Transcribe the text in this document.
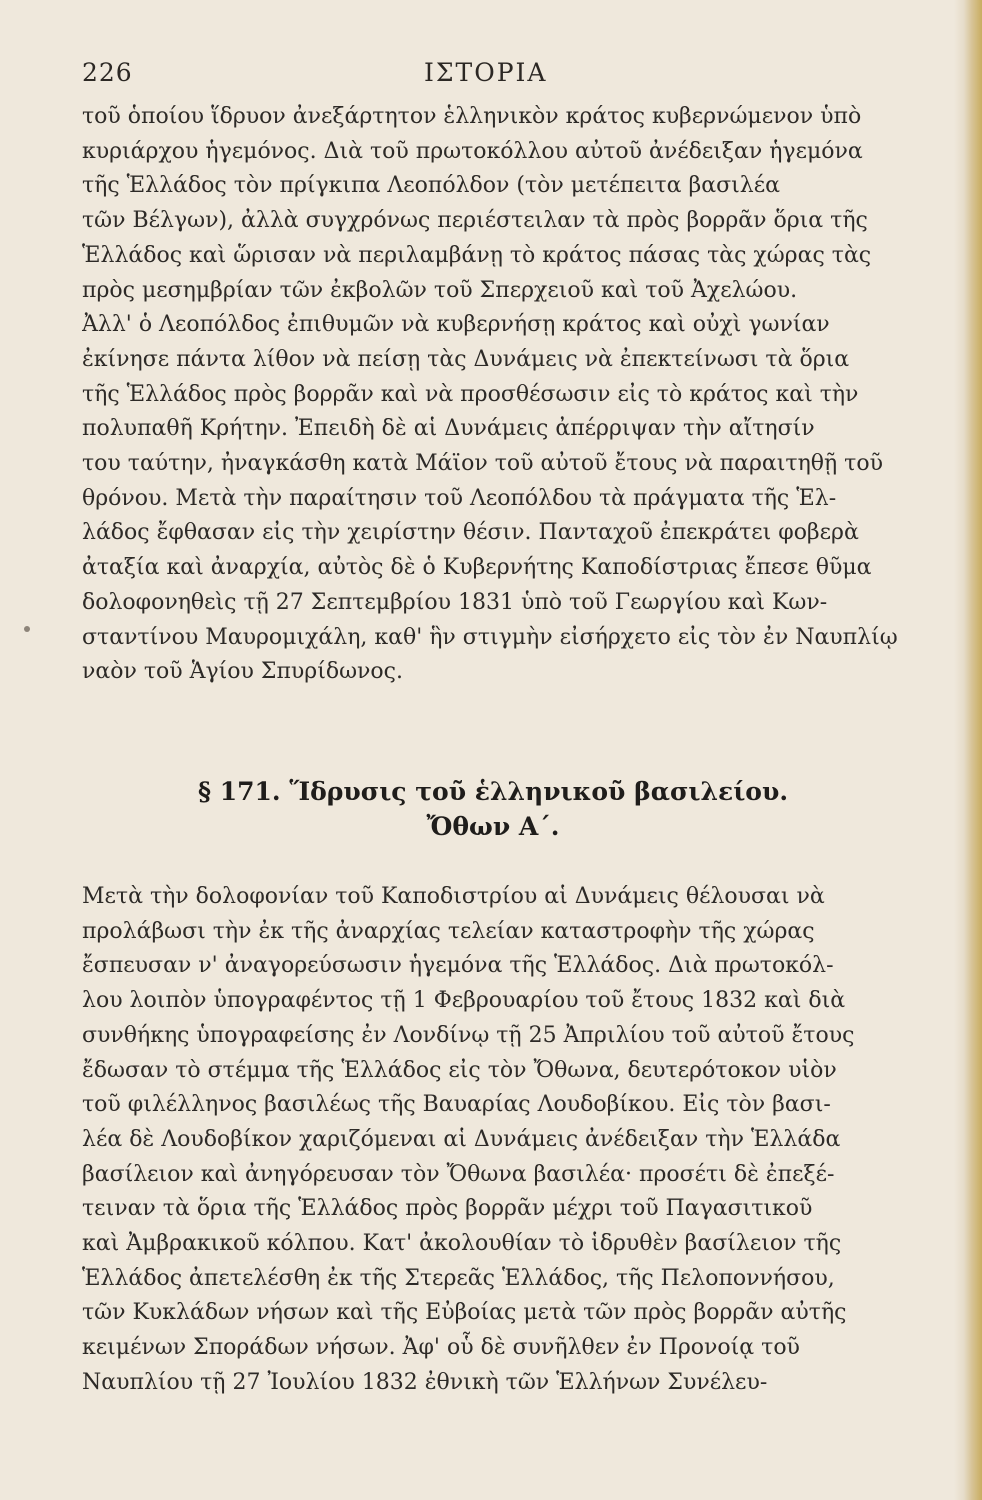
226	ΙΣΤΟΡΙΑ
τοῦ ὁποίου ἵδρυον ἀνεξάρτητον ἑλληνικὸν κράτος κυβερνώμενον ὑπὸ
κυριάρχου ἡγεμόνος. Διὰ τοῦ πρωτοκόλλου αὐτοῦ ἀνέδειξαν ἡγεμόνα
τῆς Ἑλλάδος τὸν πρίγκιπα Λεοπόλδον (τὸν μετέπειτα βασιλέα
τῶν Βέλγων), ἀλλὰ συγχρόνως περιέστειλαν τὰ πρὸς βορρᾶν ὅρια τῆς
Ἑλλάδος καὶ ὥρισαν νὰ περιλαμβάνῃ τὸ κράτος πάσας τὰς χώρας τὰς
πρὸς μεσημβρίαν τῶν ἐκβολῶν τοῦ Σπερχειοῦ καὶ τοῦ Ἀχελώου.
Ἀλλ' ὁ Λεοπόλδος ἐπιθυμῶν νὰ κυβερνήσῃ κράτος καὶ οὐχὶ γωνίαν
ἐκίνησε πάντα λίθον νὰ πείσῃ τὰς Δυνάμεις νὰ ἐπεκτείνωσι τὰ ὅρια
τῆς Ἑλλάδος πρὸς βορρᾶν καὶ νὰ προσθέσωσιν εἰς τὸ κράτος καὶ τὴν
πολυπαθῆ Κρήτην. Ἐπειδὴ δὲ αἱ Δυνάμεις ἀπέρριψαν τὴν αἴτησίν
του ταύτην, ἠναγκάσθη κατὰ Μάϊον τοῦ αὐτοῦ ἔτους νὰ παραιτηθῇ τοῦ
θρόνου. Μετὰ τὴν παραίτησιν τοῦ Λεοπόλδου τὰ πράγματα τῆς Ἑλ-
λάδος ἔφθασαν εἰς τὴν χειρίστην θέσιν. Πανταχοῦ ἐπεκράτει φοβερὰ
ἀταξία καὶ ἀναρχία, αὐτὸς δὲ ὁ Κυβερνήτης Καποδίστριας ἔπεσε θῦμα
δολοφονηθεὶς τῇ 27 Σεπτεμβρίου 1831 ὑπὸ τοῦ Γεωργίου καὶ Κων-
σταντίνου Μαυρομιχάλη, καθ' ἣν στιγμὴν εἰσήρχετο εἰς τὸν ἐν Ναυπλίῳ
ναὸν τοῦ Ἁγίου Σπυρίδωνος.
§ 171. Ἵδρυσις τοῦ ἑλληνικοῦ βασιλείου.
Ὄθων Α΄.
Μετὰ τὴν δολοφονίαν τοῦ Καποδιστρίου αἱ Δυνάμεις θέλουσαι νὰ
προλάβωσι τὴν ἐκ τῆς ἀναρχίας τελείαν καταστροφὴν τῆς χώρας
ἔσπευσαν ν' ἀναγορεύσωσιν ἡγεμόνα τῆς Ἑλλάδος. Διὰ πρωτοκόλ-
λου λοιπὸν ὑπογραφέντος τῇ 1 Φεβρουαρίου τοῦ ἔτους 1832 καὶ διὰ
συνθήκης ὑπογραφείσης ἐν Λονδίνῳ τῇ 25 Ἀπριλίου τοῦ αὐτοῦ ἔτους
ἔδωσαν τὸ στέμμα τῆς Ἑλλάδος εἰς τὸν Ὄθωνα, δευτερότοκον υἱὸν
τοῦ φιλέλληνος βασιλέως τῆς Βαυαρίας Λουδοβίκου. Εἰς τὸν βασι-
λέα δὲ Λουδοβίκον χαριζόμεναι αἱ Δυνάμεις ἀνέδειξαν τὴν Ἑλλάδα
βασίλειον καὶ ἀνηγόρευσαν τὸν Ὄθωνα βασιλέα· προσέτι δὲ ἐπεξέ-
τειναν τὰ ὅρια τῆς Ἑλλάδος πρὸς βορρᾶν μέχρι τοῦ Παγασιτικοῦ
καὶ Ἀμβρακικοῦ κόλπου. Κατ' ἀκολουθίαν τὸ ἱδρυθὲν βασίλειον τῆς
Ἑλλάδος ἀπετελέσθη ἐκ τῆς Στερεᾶς Ἑλλάδος, τῆς Πελοποννήσου,
τῶν Κυκλάδων νήσων καὶ τῆς Εὐβοίας μετὰ τῶν πρὸς βορρᾶν αὐτῆς
κειμένων Σποράδων νήσων. Ἀφ' οὗ δὲ συνῆλθεν ἐν Προνοίᾳ τοῦ
Ναυπλίου τῇ 27 Ἰουλίου 1832 ἐθνικὴ τῶν Ἑλλήνων Συνέλευ-
